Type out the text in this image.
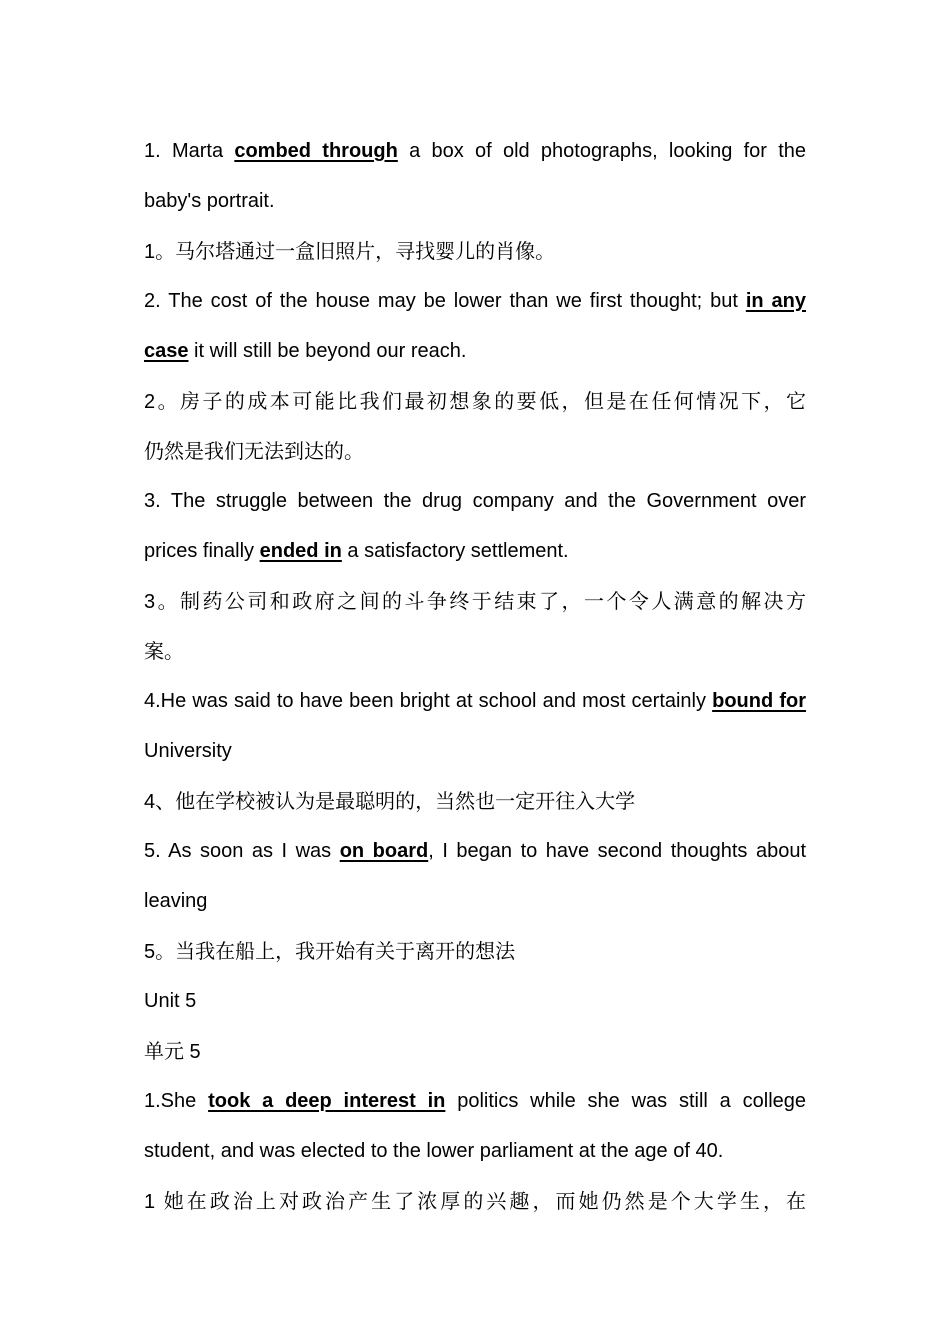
1. Marta combed through a box of old photographs, looking for the
baby's portrait.
1。马尔塔通过一盒旧照片，寻找婴儿的肖像。
2. The cost of the house may be lower than we first thought; but in any
case it will still be beyond our reach.
2。房子的成本可能比我们最初想象的要低，但是在任何情况下，它
仍然是我们无法到达的。
3. The struggle between the drug company and the Government over
prices finally ended in a satisfactory settlement.
3。制药公司和政府之间的斗争终于结束了，一个令人满意的解决方
案。
4.He was said to have been bright at school and most certainly bound for
University
4、他在学校被认为是最聪明的，当然也一定开往入大学
5. As soon as I was on board, I began to have second thoughts about
leaving
5。当我在船上，我开始有关于离开的想法
Unit 5
单元 5
1.She took a deep interest in politics while she was still a college
student, and was elected to the lower parliament at the age of 40.
1 她在政治上对政治产生了浓厚的兴趣，而她仍然是个大学生，在
